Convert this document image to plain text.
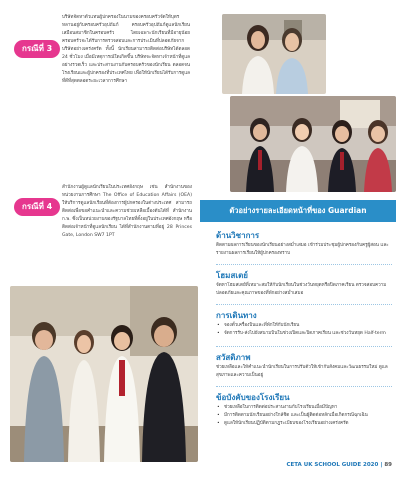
กรณีที่ 3

บริษัทจัดหาตัวแทนผู้ปกครองในนามของครอบครัวจัดให้บุตรหลานอยู่กับครอบครัวอุปถัมภ์ ครอบครัวอุปถัมภ์ดูแลนักเรียนเสมือนสมาชิกในครอบครัว โดยเฉพาะนักเรียนที่มีอายุน้อย ครอบครัวจะได้รับการตรวจสอบและการประเมินที่ปลอดภัยจากบริษัทอย่างเคร่งครัด ทั้งนี้ นักเรียนสามารถติดต่อบริษัทได้ตลอด 24 ชั่วโมง เมื่อมีเหตุการณ์ใดเกิดขึ้น บริษัทจะจัดหาเจ้าหน้าที่ดูแลอย่างรวดเร็ว และประสานงานกับครอบครัวของนักเรียน ตลอดจนโรงเรียนและผู้ปกครองที่ประเทศไทย เพื่อให้นักเรียนได้รับการดูแลที่ดีที่สุดตลอดระยะเวลาการศึกษา

กรณีที่ 4

สำนักงานผู้ดูแลนักเรียนในประเทศอังกฤษ เช่น สำนักงานของหน่วยงานการศึกษา The Office of Education Affairs (OEA) ให้บริการดูแลนักเรียนที่ต้องการผู้ปกครองในต่างประเทศ สามารถติดต่อเพื่อขอคำแนะนำและความช่วยเหลือเบื้องต้นได้ที่ สำนักงาน ก.พ. ซึ่งเป็นหน่วยงานของรัฐบาลไทยที่ตั้งอยู่ในประเทศอังกฤษ หรือติดต่อเจ้าหน้าที่ดูแลนักเรียน ได้ที่สำนักงานตามที่อยู่ 28 Princes Gate, London SW7 1PT

ตัวอย่างรายละเอียดหน้าที่ของ Guardian
ด้านวิชาการ

ติดตามผลการเรียนของนักเรียนอย่างสม่ำเสมอ เข้าร่วมประชุมผู้ปกครองกับครูผู้สอน และรายงานผลการเรียนให้ผู้ปกครองทราบ

โฮมสเตย์

จัดหาโฮมสเตย์ที่เหมาะสมให้กับนักเรียนในช่วงวันหยุดหรือปิดภาคเรียน ตรวจสอบความปลอดภัยและคุณภาพของที่พักอย่างสม่ำเสมอ

การเดินทาง
• จองตั๋วเครื่องบินและที่พักให้กับนักเรียน
• จัดการรับ-ส่งไปยังสนามบินในช่วงเปิดและปิดภาคเรียน และช่วงวันหยุด Half-term
สวัสดิภาพ

ช่วยเหลือและให้คำแนะนำนักเรียนในการปรับตัวให้เข้ากับสังคมและวัฒนธรรมใหม่ ดูแลสุขภาพและความเป็นอยู่

ข้อบังคับของโรงเรียน
• ช่วยเหลือในการติดต่อประสานงานกับโรงเรียนเมื่อมีปัญหา
• มีการติดตามนักเรียนอย่างใกล้ชิด และเป็นผู้ติดต่อหลักเมื่อเกิดกรณีฉุกเฉิน
• ดูแลให้นักเรียนปฏิบัติตามกฎระเบียบของโรงเรียนอย่างเคร่งครัด
CETA UK SCHOOL GUIDE 2020 | 89
